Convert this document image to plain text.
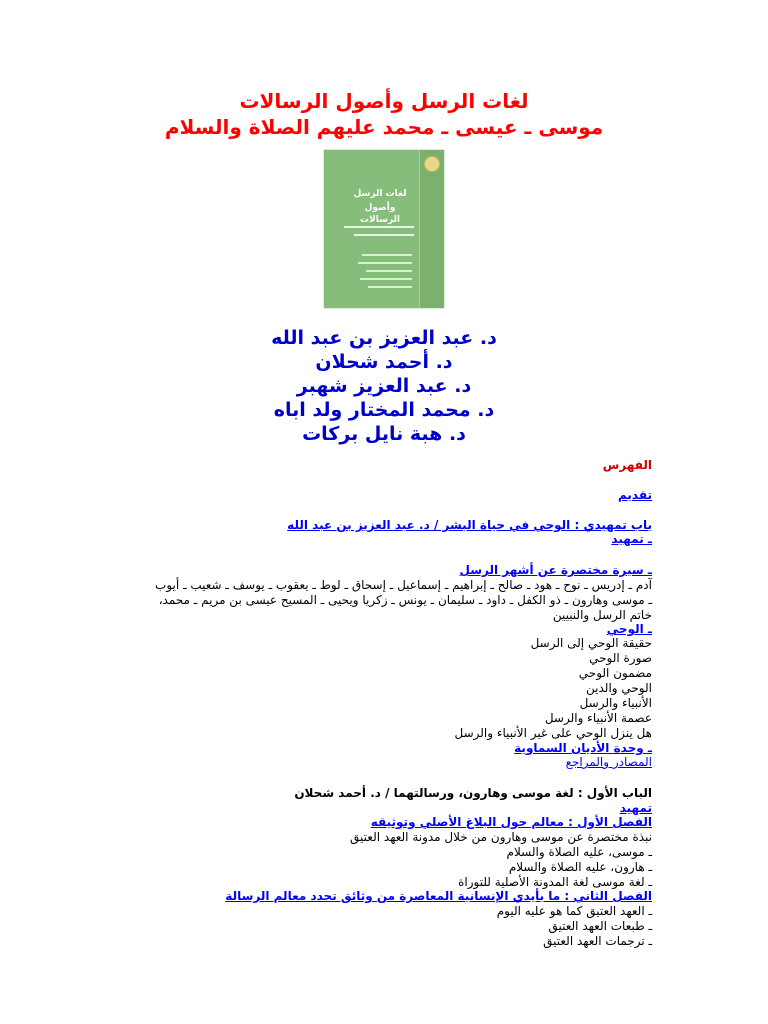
لغات الرسل وأصول الرسالات
موسى ـ عيسى ـ محمد عليهم الصلاة والسلام
لغات الرسل
وأصول الرسالات
د. عبد العزيز بن عبد الله
د. أحمد شحلان
د. عبد العزيز شهبر
د. محمد المختار ولد اباه
د. هبة نايل بركات
الفهرس
تقديم
باب تمهيدي : الوحي في حياة البشر / د. عبد العزيز بن عبد الله
ـ تمهيد
ـ سيرة مختصرة عن أشهر الرسل
آدم ـ إدريس ـ نوح ـ هود ـ صالح ـ إبراهيم ـ إسماعيل ـ إسحاق ـ لوط ـ يعقوب ـ يوسف ـ شعيب ـ أيوب
ـ موسى وهارون ـ ذو الكفل ـ داود ـ سليمان ـ يونس ـ زكريا ويحيى ـ المسيح عيسى بن مريم ـ محمد،
خاتم الرسل والنبيين
ـ الوحي
حقيقة الوحي إلى الرسل
صورة الوحي
مضمون الوحي
الوحي والدين
الأنبياء والرسل
عصمة الأنبياء والرسل
هل ينزل الوحي على غير الأنبياء والرسل
ـ وحدة الأديان السماوية
المصادر والمراجع
الباب الأول : لغة موسى وهارون، ورسالتهما / د. أحمد شحلان
تمهيد
الفصل الأول : معالم حول البلاغ الأصلي وتوثيقه
نبذة مختصرة عن موسى وهارون من خلال مدونة العهد العتيق
ـ موسى، عليه الصلاة والسلام
ـ هارون، عليه الصلاة والسلام
ـ لغة موسى لغة المدونة الأصلية للتوراة
الفصل الثاني : ما بأيدي الإنسانية المعاصرة من وثائق تحدد معالم الرسالة
ـ العهد العتيق كما هو عليه اليوم
ـ طبعات العهد العتيق
ـ ترجمات العهد العتيق
